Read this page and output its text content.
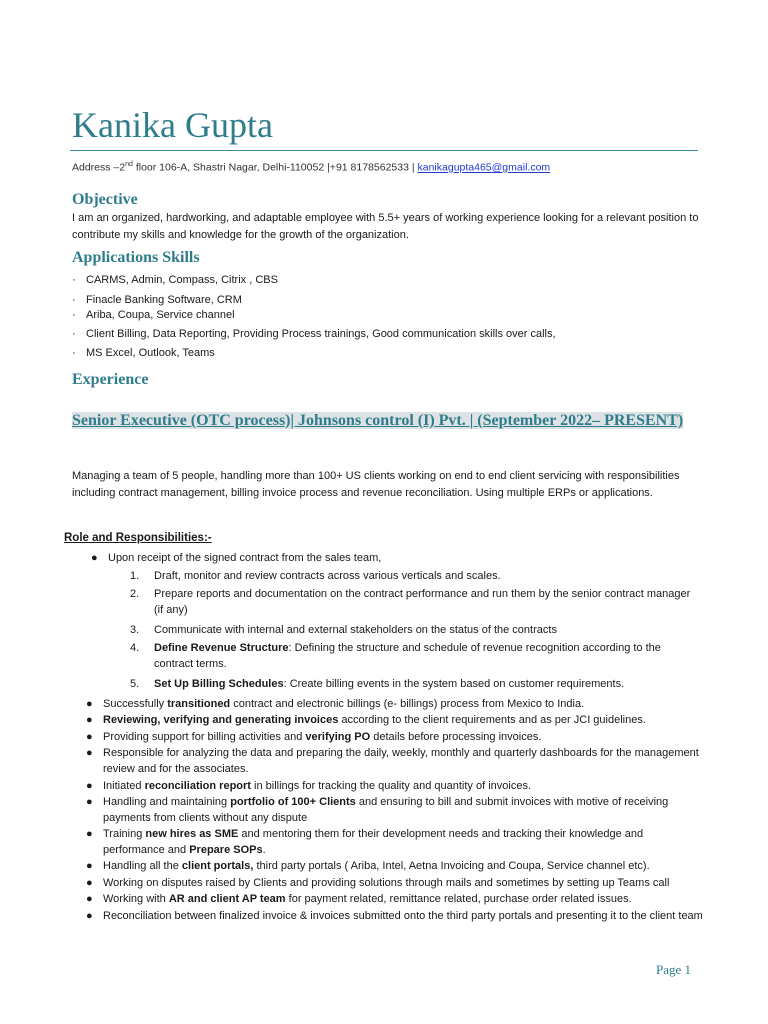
Kanika Gupta
Address –2nd floor 106-A, Shastri Nagar, Delhi-110052 |+91 8178562533 | kanikagupta465@gmail.com
Objective

I am an organized, hardworking, and adaptable employee with 5.5+ years of working experience looking for a relevant position to contribute my skills and knowledge for the growth of the organization.

Applications Skills
· CARMS, Admin, Compass, Citrix , CBS
· Finacle Banking Software, CRM
· Ariba, Coupa, Service channel
· Client Billing, Data Reporting, Providing Process trainings, Good communication skills over calls,
· MS Excel, Outlook, Teams
Experience
Senior Executive (OTC process)| Johnsons control (I) Pvt. | (September 2022– PRESENT)

Managing a team of 5 people, handling more than 100+ US clients working on end to end client servicing with responsibilities including contract management, billing invoice process and revenue reconciliation. Using multiple ERPs or applications.

Role and Responsibilities:-
● Upon receipt of the signed contract from the sales team,
1. Draft, monitor and review contracts across various verticals and scales.
2. Prepare reports and documentation on the contract performance and run them by the senior contract manager (if any)
3. Communicate with internal and external stakeholders on the status of the contracts
4. Define Revenue Structure: Defining the structure and schedule of revenue recognition according to the contract terms.
5. Set Up Billing Schedules: Create billing events in the system based on customer requirements.
● Successfully transitioned contract and electronic billings (e- billings) process from Mexico to India.
● Reviewing, verifying and generating invoices according to the client requirements and as per JCI guidelines.
● Providing support for billing activities and verifying PO details before processing invoices.
● Responsible for analyzing the data and preparing the daily, weekly, monthly and quarterly dashboards for the management review and for the associates.
● Initiated reconciliation report in billings for tracking the quality and quantity of invoices.
● Handling and maintaining portfolio of 100+ Clients and ensuring to bill and submit invoices with motive of receiving payments from clients without any dispute
● Training new hires as SME and mentoring them for their development needs and tracking their knowledge and performance and Prepare SOPs.
● Handling all the client portals, third party portals ( Ariba, Intel, Aetna Invoicing and Coupa, Service channel etc).
● Working on disputes raised by Clients and providing solutions through mails and sometimes by setting up Teams call
● Working with AR and client AP team for payment related, remittance related, purchase order related issues.
● Reconciliation between finalized invoice & invoices submitted onto the third party portals and presenting it to the client team
Page 1
